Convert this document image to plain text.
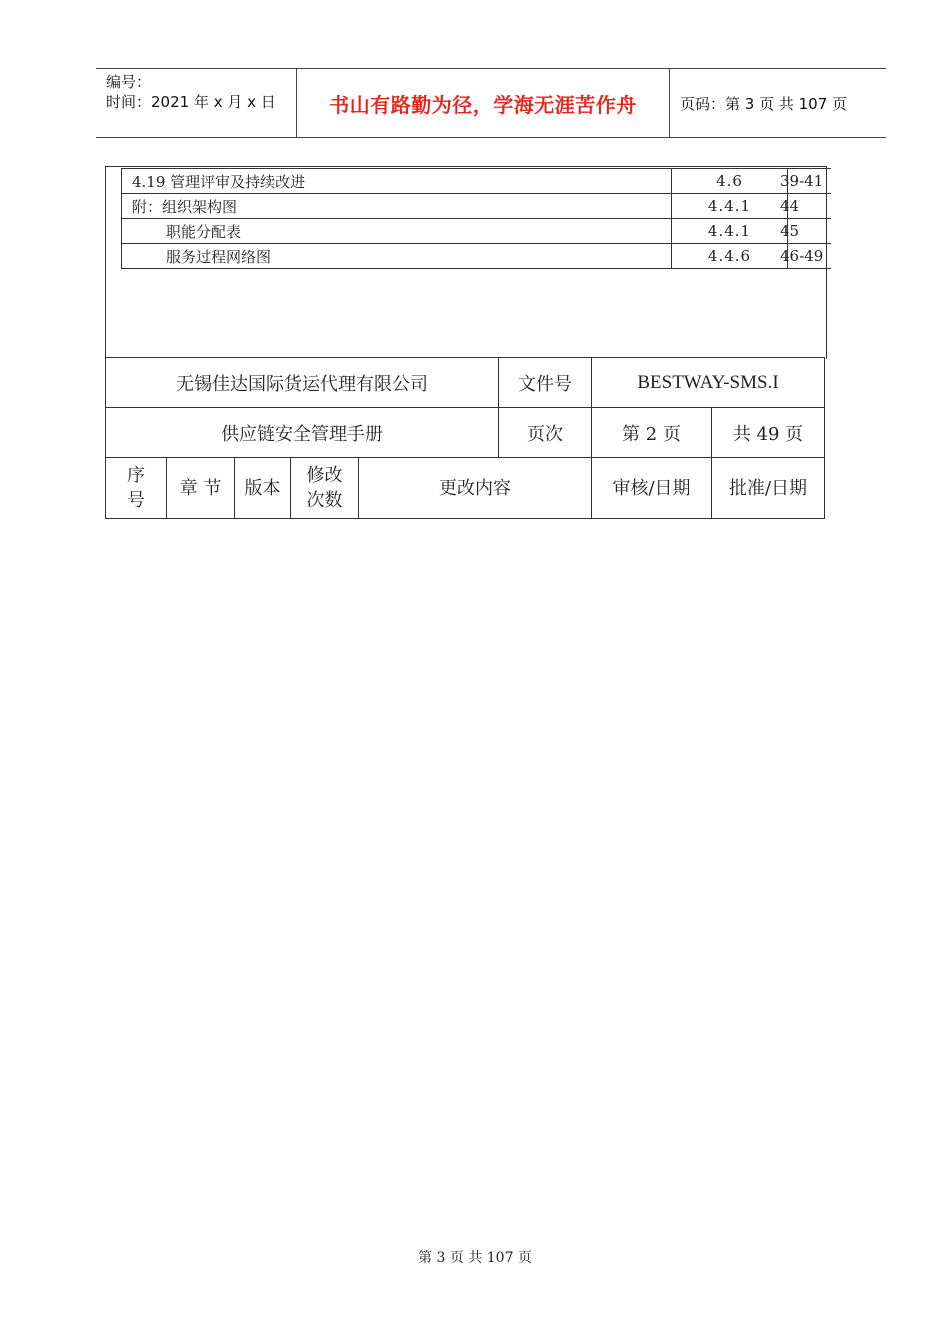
编号：
时间：2021 年 x 月 x 日	书山有路勤为径，学海无涯苦作舟	页码：第 3 页 共 107 页
4.19 管理评审及持续改进	4.6	39-41
附：组织架构图	4.4.1	44
职能分配表	4.4.1	45
服务过程网络图	4.4.6	46-49
无锡佳达国际货运代理有限公司					文件号	BESTWAY-SMS.I	
供应链安全管理手册					页次	第 2 页	共 49 页
序号	章 节	版本	修改次数	更改内容		审核/日期	批准/日期
第 3 页 共 107 页
